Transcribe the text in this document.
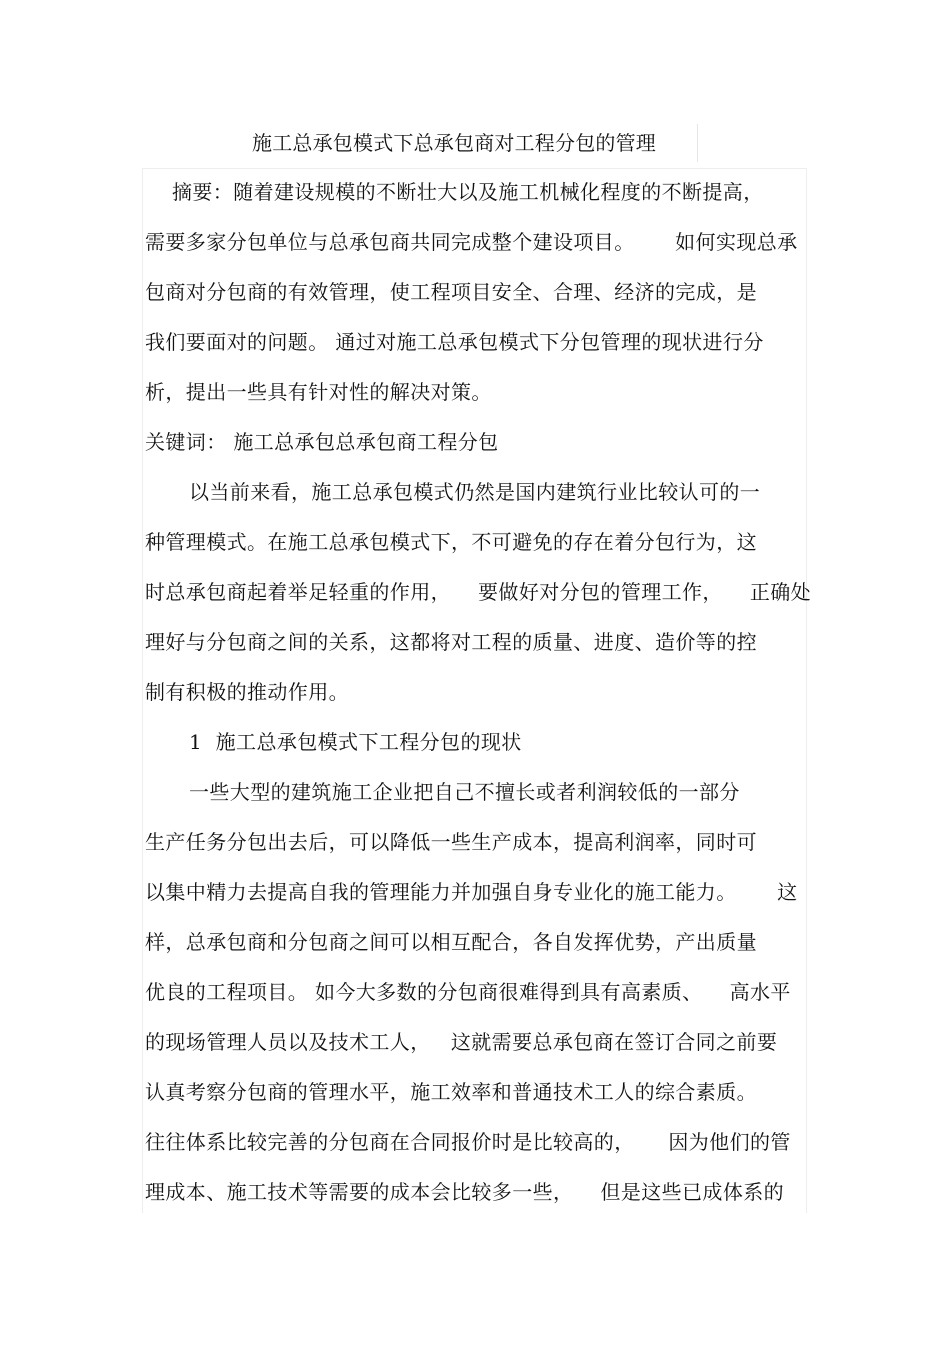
施工总承包模式下总承包商对工程分包的管理
摘要：随着建设规模的不断壮大以及施工机械化程度的不断提高，
需要多家分包单位与总承包商共同完成整个建设项目。      如何实现总承
包商对分包商的有效管理，使工程项目安全、合理、经济的完成，是
我们要面对的问题。 通过对施工总承包模式下分包管理的现状进行分
析，提出一些具有针对性的解决对策。
关键词： 施工总承包总承包商工程分包
以当前来看，施工总承包模式仍然是国内建筑行业比较认可的一
种管理模式。在施工总承包模式下，不可避免的存在着分包行为，这
时总承包商起着举足轻重的作用，    要做好对分包的管理工作，    正确处
理好与分包商之间的关系，这都将对工程的质量、进度、造价等的控
制有积极的推动作用。
1  施工总承包模式下工程分包的现状
一些大型的建筑施工企业把自己不擅长或者利润较低的一部分
生产任务分包出去后，可以降低一些生产成本，提高利润率，同时可
以集中精力去提高自我的管理能力并加强自身专业化的施工能力。      这
样，总承包商和分包商之间可以相互配合，各自发挥优势，产出质量
优良的工程项目。 如今大多数的分包商很难得到具有高素质、    高水平
的现场管理人员以及技术工人，   这就需要总承包商在签订合同之前要
认真考察分包商的管理水平，施工效率和普通技术工人的综合素质。
往往体系比较完善的分包商在合同报价时是比较高的，     因为他们的管
理成本、施工技术等需要的成本会比较多一些，    但是这些已成体系的
